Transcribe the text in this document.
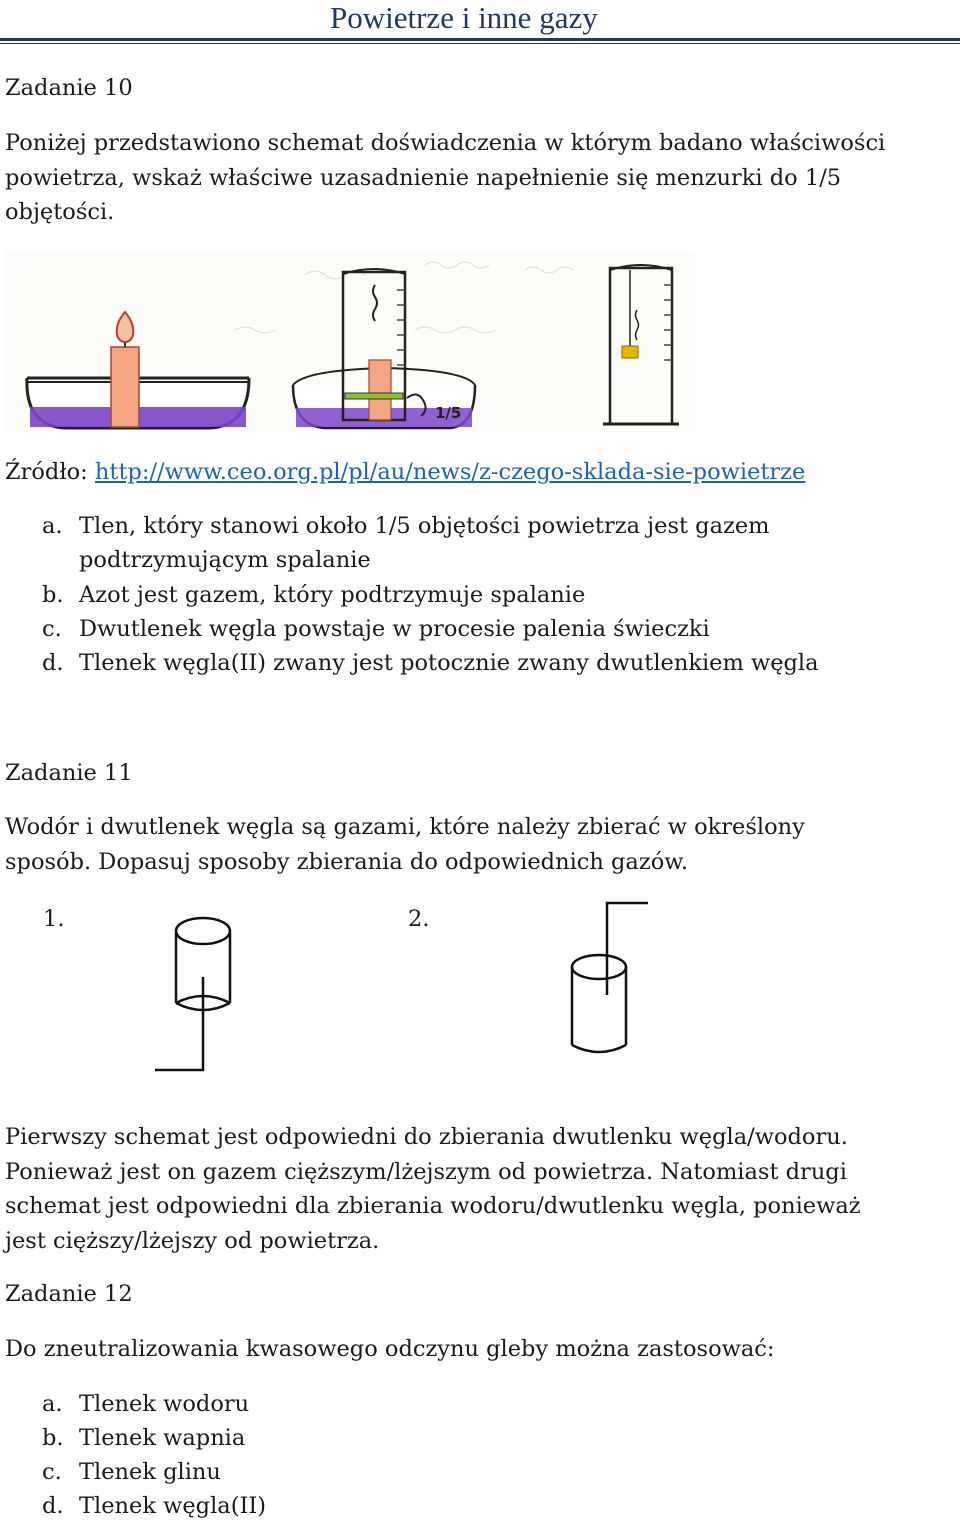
Powietrze i inne gazy
Zadanie 10
Poniżej przedstawiono schemat doświadczenia w którym badano właściwości
powietrza, wskaż właściwe uzasadnienie napełnienie się menzurki do 1/5
objętości.
1/5
Źródło: http://www.ceo.org.pl/pl/au/news/z-czego-sklada-sie-powietrze
a. Tlen, który stanowi około 1/5 objętości powietrza jest gazem
podtrzymującym spalanie
b. Azot jest gazem, który podtrzymuje spalanie
c. Dwutlenek węgla powstaje w procesie palenia świeczki
d. Tlenek węgla(II) zwany jest potocznie zwany dwutlenkiem węgla
Zadanie 11
Wodór i dwutlenek węgla są gazami, które należy zbierać w określony
sposób. Dopasuj sposoby zbierania do odpowiednich gazów.
1.	2.
Pierwszy schemat jest odpowiedni do zbierania dwutlenku węgla/wodoru.
Ponieważ jest on gazem cięższym/lżejszym od powietrza. Natomiast drugi
schemat jest odpowiedni dla zbierania wodoru/dwutlenku węgla, ponieważ
jest cięższy/lżejszy od powietrza.
Zadanie 12
Do zneutralizowania kwasowego odczynu gleby można zastosować:
a. Tlenek wodoru
b. Tlenek wapnia
c. Tlenek glinu
d. Tlenek węgla(II)
